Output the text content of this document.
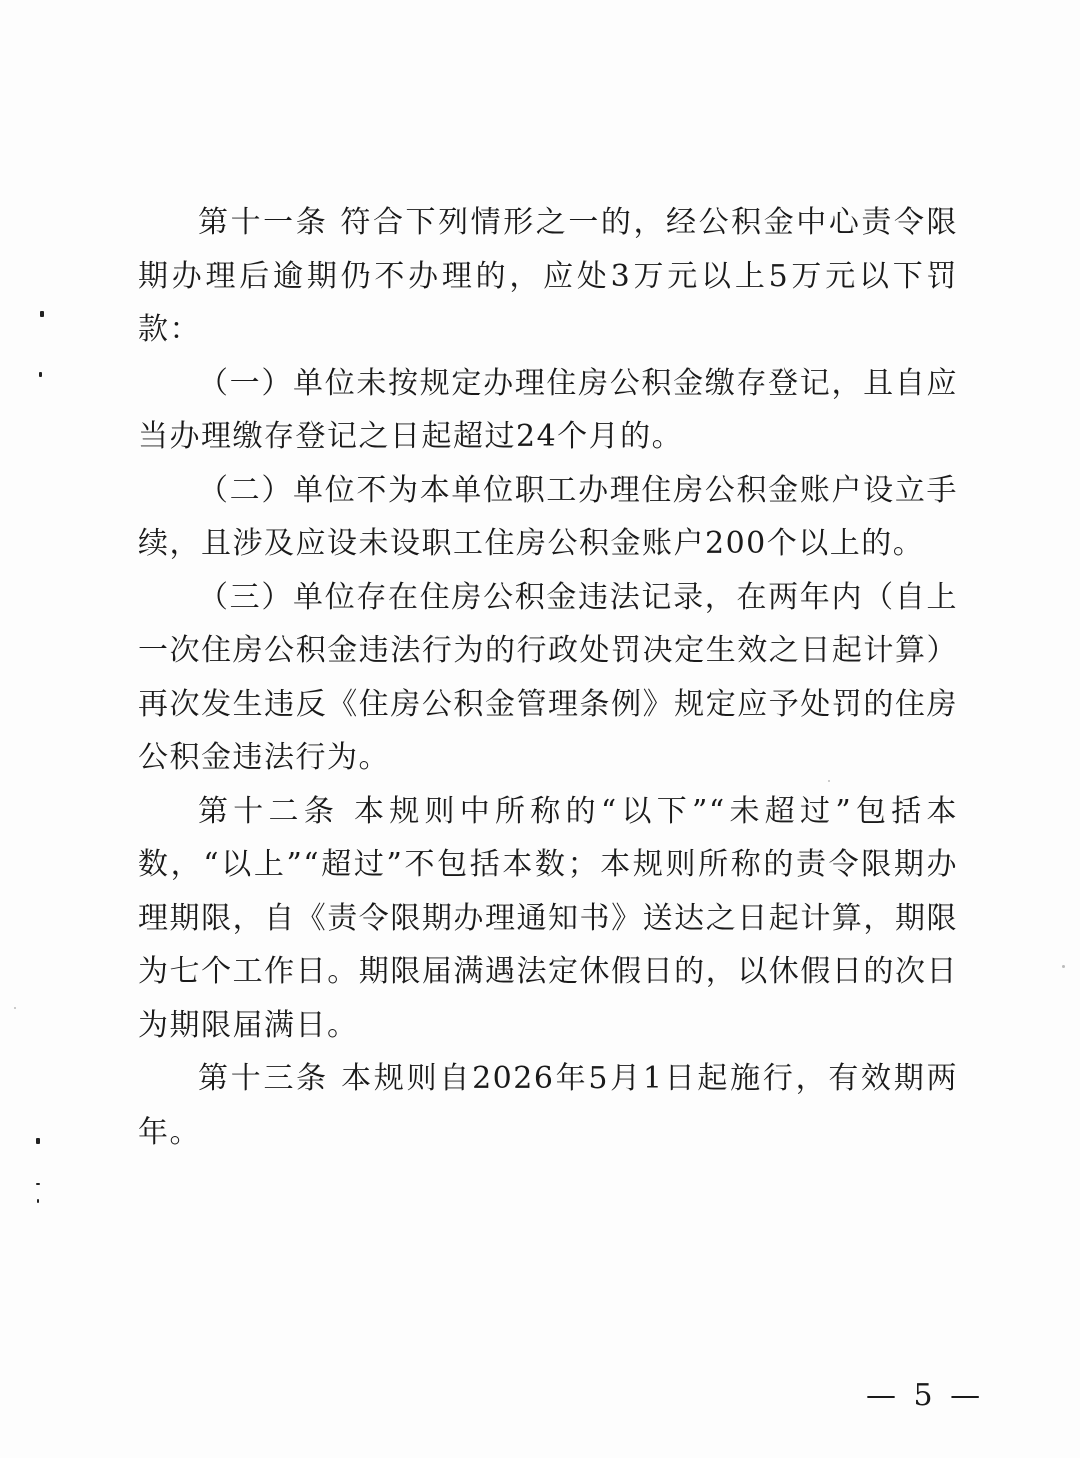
第十一条 符合下列情形之一的，经公积金中心责令限期办理后逾期仍不办理的，应处3万元以上5万元以下罚款：

（一）单位未按规定办理住房公积金缴存登记，且自应当办理缴存登记之日起超过24个月的。

（二）单位不为本单位职工办理住房公积金账户设立手续，且涉及应设未设职工住房公积金账户200个以上的。

（三）单位存在住房公积金违法记录，在两年内（自上一次住房公积金违法行为的行政处罚决定生效之日起计算）再次发生违反《住房公积金管理条例》规定应予处罚的住房公积金违法行为。

第十二条 本规则中所称的“以下”“未超过”包括本数，“以上”“超过”不包括本数；本规则所称的责令限期办理期限，自《责令限期办理通知书》送达之日起计算，期限为七个工作日。期限届满遇法定休假日的，以休假日的次日为期限届满日。

第十三条 本规则自2026年5月1日起施行，有效期两年。

— 5 —
